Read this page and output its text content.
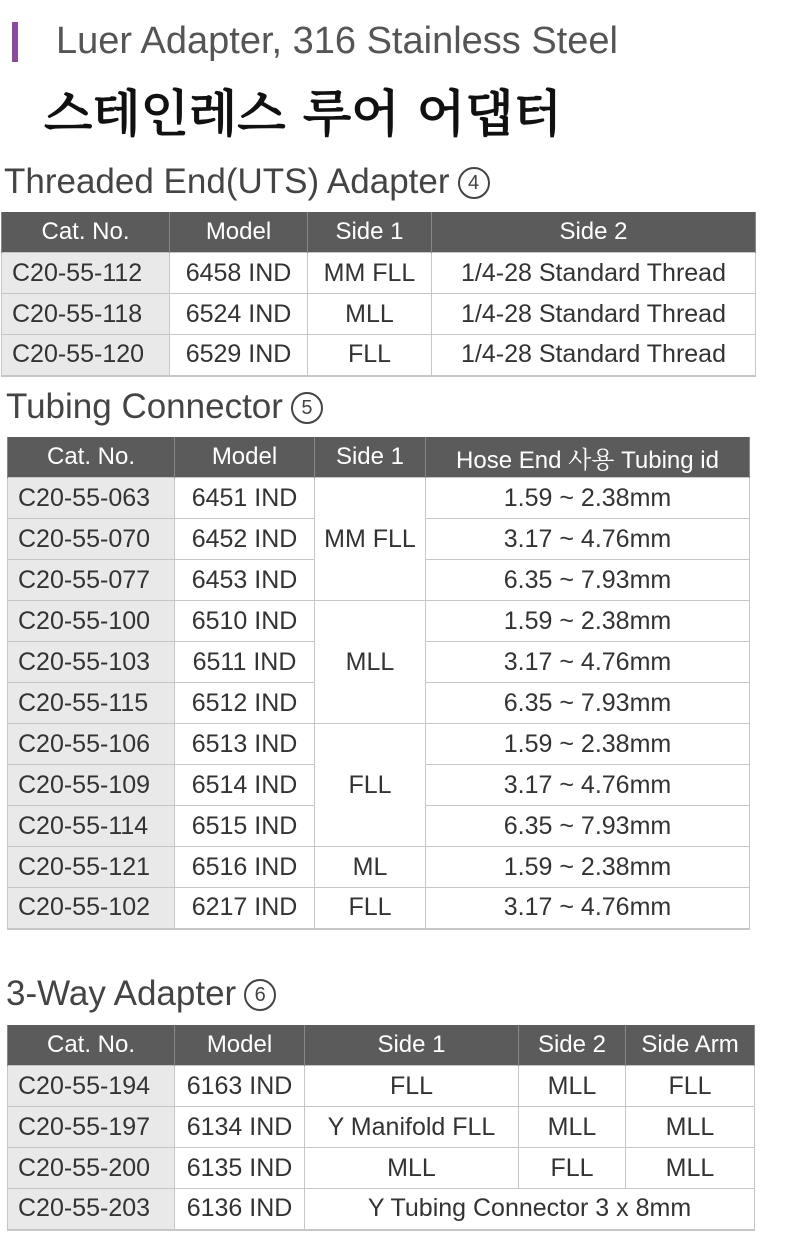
Luer Adapter, 316 Stainless Steel
스테인레스 루어 어댑터
Threaded End(UTS) Adapter 4
Cat. No.	Model	Side 1	Side 2
C20-55-112	6458 IND	MM FLL	1/4-28 Standard Thread
C20-55-118	6524 IND	MLL	1/4-28 Standard Thread
C20-55-120	6529 IND	FLL	1/4-28 Standard Thread
Tubing Connector 5
Cat. No.	Model	Side 1	Hose End 사용 Tubing id
C20-55-063	6451 IND	MM FLL	1.59 ~ 2.38mm
C20-55-070	6452 IND		3.17 ~ 4.76mm
C20-55-077	6453 IND		6.35 ~ 7.93mm
C20-55-100	6510 IND	MLL	1.59 ~ 2.38mm
C20-55-103	6511 IND		3.17 ~ 4.76mm
C20-55-115	6512 IND		6.35 ~ 7.93mm
C20-55-106	6513 IND	FLL	1.59 ~ 2.38mm
C20-55-109	6514 IND		3.17 ~ 4.76mm
C20-55-114	6515 IND		6.35 ~ 7.93mm
C20-55-121	6516 IND	ML	1.59 ~ 2.38mm
C20-55-102	6217 IND	FLL	3.17 ~ 4.76mm
3-Way Adapter 6
Cat. No.	Model	Side 1	Side 2	Side Arm
C20-55-194	6163 IND	FLL	MLL	FLL
C20-55-197	6134 IND	Y Manifold FLL	MLL	MLL
C20-55-200	6135 IND	MLL	FLL	MLL
C20-55-203	6136 IND	Y Tubing Connector 3 x 8mm		
